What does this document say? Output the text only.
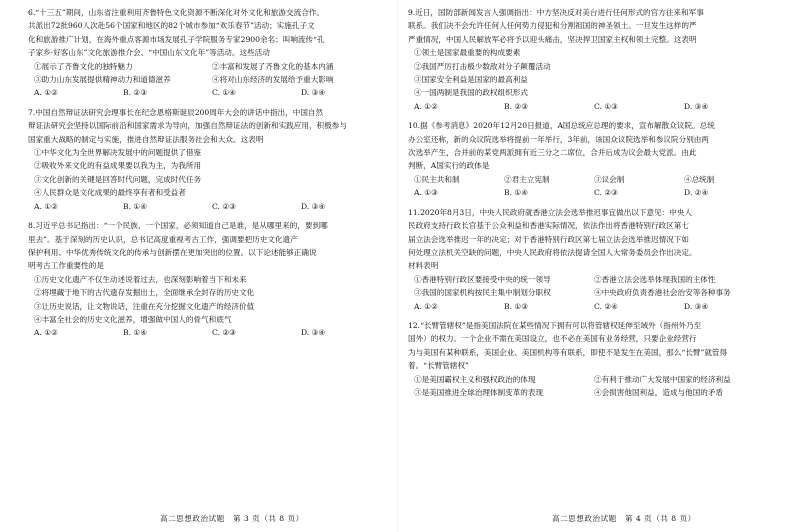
6.“十三五”期间，山东省注重利用齐鲁特色文化资源不断深化对外文化和旅游交流合作。

共派出72批960人次赴56个国家和地区的82个城市参加“欢乐春节”活动；实施孔子文

化和旅游推广计划，在海外重点客源市场发展孔子学院服务专家2900余名；叫响流传“孔

子家乡·好客山东”文化旅游推介会、“中国山东文化年”等活动。这些活动

①展示了齐鲁文化的独特魅力	②丰富和发展了齐鲁文化的基本内涵
③助力山东发展提供精神动力和道德滋养	④将对山东经济的发展给予重大影响
A. ①②	B. ②③	C. ①④	D. ③④

7.中国自然辩证法研究会理事长在纪念恩格斯诞辰200周年大会的讲话中指出，中国自然

辩证法研究会坚持以国际前沿和国家需求为导向，加强自然辩证法的创新和实践应用，积极参与

国家重大战略的制定与实施，推进自然辩证法服务社会和大众。这表明

①中华文化为全世界解决发展中的问题提供了借鉴

②吸收外来文化的有益成果要以我为主，为我所用

③文化创新的关键是回答时代问题，完成时代任务

④人民群众是文化成果的最终享有者和受益者

A. ①②	B. ①④	C. ②③	D. ③④

8.习近平总书记指出：“一个民族、一个国家，必须知道自己是谁，是从哪里来的，要到哪

里去”。基于深刻的历史认识，总书记高度重视考古工作，强调要把历史文化遗产

保护利用、中华优秀传统文化的传承与创新摆在更加突出的位置。以下论述能够正确说

明考古工作重要性的是

①历史文化遗产不仅生动述说着过去，也深刻影响着当下和未来

②将埋藏于地下的古代遗存发掘出土，全面继承全封存的历史文化

③让历史说话，让文物说话，注重在充分挖掘文化遗产的经济价值

④丰富全社会的历史文化滋养，增强做中国人的骨气和底气

A. ①②	B. ①④	C. ②③	D. ③④

9.近日，国防部新闻发言人强调指出：中方坚决反对美台进行任何形式的官方往来和军事

联系。我们决不会允许任何人任何势力侵犯和分割祖国的神圣领土。一旦发生这样的严

严重情况，中国人民解放军必将予以迎头痛击，坚决捍卫国家主权和领土完整。这表明

①领土是国家最重要的构成要素

②我国严厉打击极少数敌对分子颠覆活动

③国家安全利益是国家的最高利益

④一国两制是我国的政权组织形式

A. ①②	B. ②③	C. ①③	D. ③④

10.据《参考消息》2020年12月20日报道，A国总统应总理的要求，宣布解散众议院。总统

办公室还称，新的众议院选举将提前一年举行，3年前，该国众议院选举和参议院分别由两

次选举产生，合并前的某党两派拥有近三分之二席位，合并后成为议会最大党派。由此

判断，A国实行的政体是

①民主共和制	②君主立宪制	③议会制	④总统制
A. ①③	B. ①④	C. ②③	D. ②④

11.2020年8月3日，中央人民政府就香港立法会选举推迟事宜做出以下意见：中央人

民政府支持行政长官基于公众利益和香港实际情况，依法作出将香港特别行政区第七

届立法会选举推迟一年的决定；对于香港特别行政区第七届立法会选举推迟情况下如

何处理立法机关空缺的问题，中央人民政府将依法提请全国人大常务委员会作出决定。

材料表明

①香港特别行政区要接受中央的统一领导	②香港立法会选举体现我国的主体性
③我国的国家机构按民主集中制划分职权	④中央政府负责香港社会治安等各种事务
A. ①②	B. ①③	C. ②④	D. ③④

12.“长臂管辖权”是指美国法院在某些情况下拥有可以将管辖权延伸至域外（指州外乃至

国外）的权力。一个企业不需在美国设立，也不必在美国有业务经营，只要企业经营行

为与美国有某种联系，美国企业、美国机构等有联系，即使不是发生在美国，那么“长臂”就管得

着。“长臂管辖权”

①是美国霸权主义和强权政治的体现	②有利于推动广大发展中国家的经济利益
③是美国推进全球治理体制变革的表现	④会损害他国利益，造成与他国的矛盾
高二思想政治试题　第 3 页（共 8 页）	高二思想政治试题　第 4 页（共 8 页）
